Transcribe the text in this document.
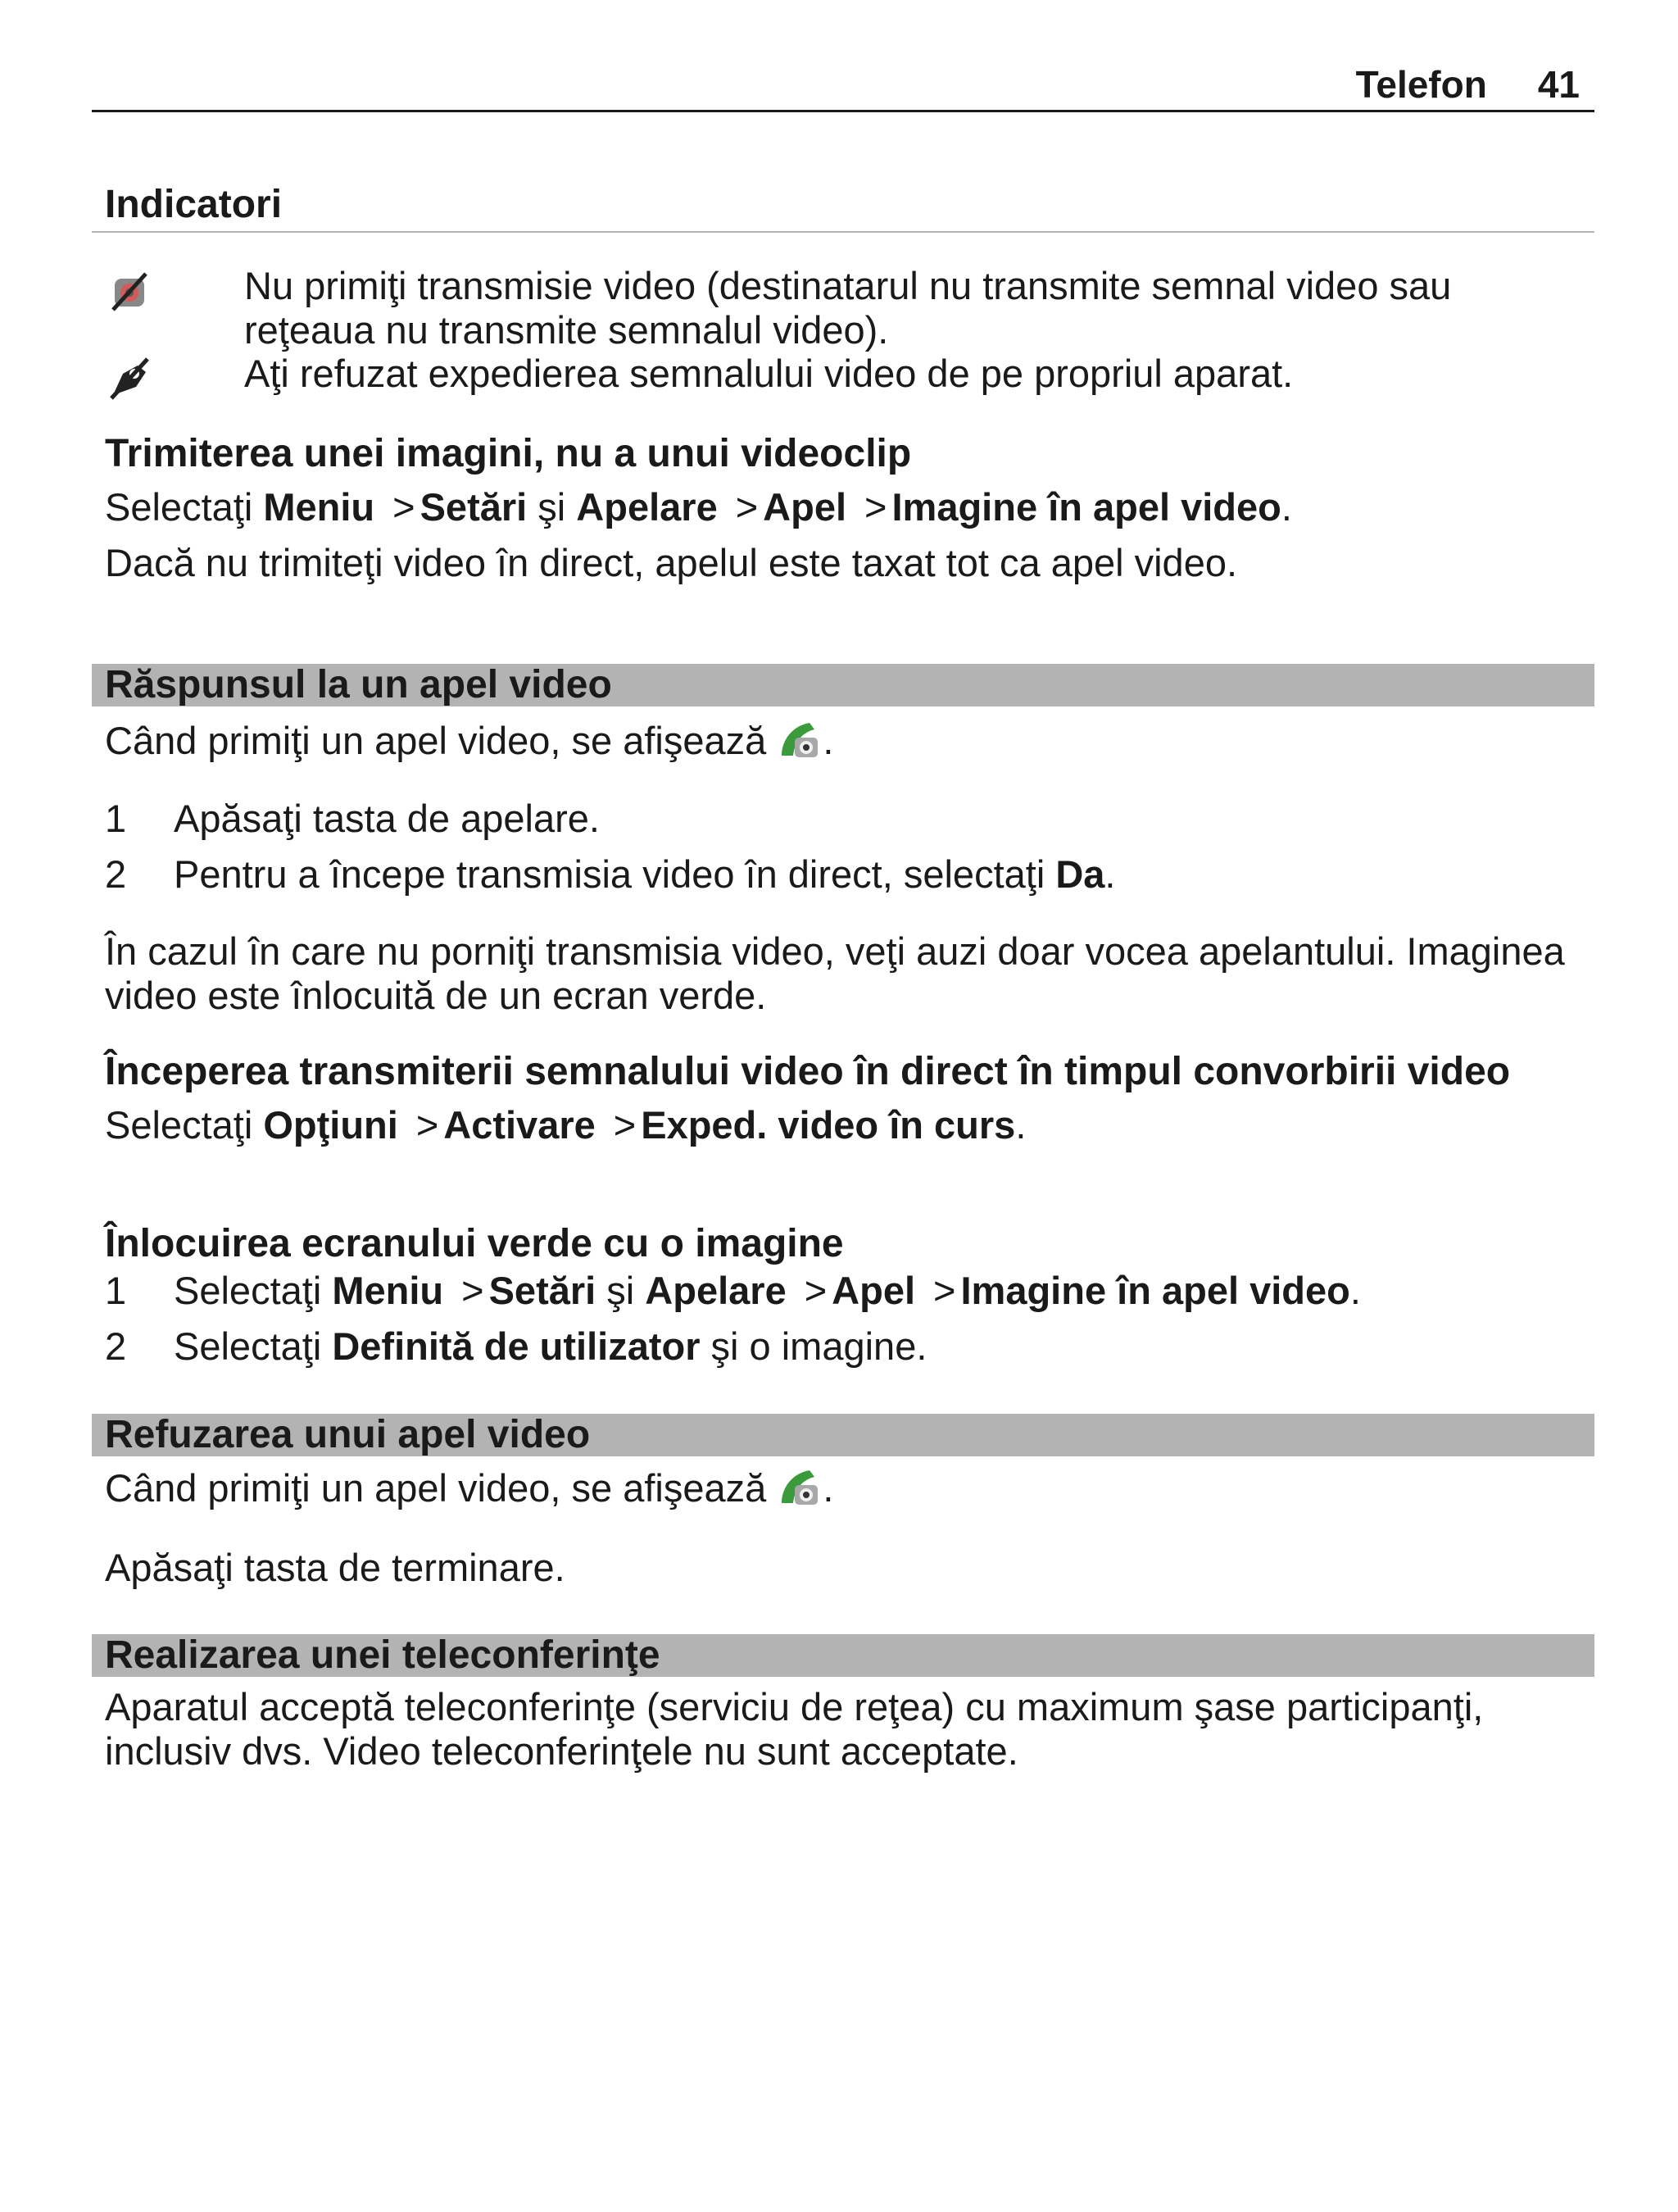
Telefon 41
Indicatori
Nu primiţi transmisie video (destinatarul nu transmite semnal video sau reţeaua nu transmite semnalul video).
Aţi refuzat expedierea semnalului video de pe propriul aparat.
Trimiterea unei imagini, nu a unui videoclip
Selectaţi Meniu > Setări şi Apelare > Apel > Imagine în apel video.
Dacă nu trimiteţi video în direct, apelul este taxat tot ca apel video.
Răspunsul la un apel video
Când primiţi un apel video, se afişează .
1 Apăsaţi tasta de apelare.
2 Pentru a începe transmisia video în direct, selectaţi Da.
În cazul în care nu porniţi transmisia video, veţi auzi doar vocea apelantului. Imaginea video este înlocuită de un ecran verde.
Începerea transmiterii semnalului video în direct în timpul convorbirii video
Selectaţi Opţiuni > Activare > Exped. video în curs.
Înlocuirea ecranului verde cu o imagine
1 Selectaţi Meniu > Setări şi Apelare > Apel > Imagine în apel video.
2 Selectaţi Definită de utilizator şi o imagine.
Refuzarea unui apel video
Când primiţi un apel video, se afişează .
Apăsaţi tasta de terminare.
Realizarea unei teleconferinţe
Aparatul acceptă teleconferinţe (serviciu de reţea) cu maximum şase participanţi, inclusiv dvs. Video teleconferinţele nu sunt acceptate.
